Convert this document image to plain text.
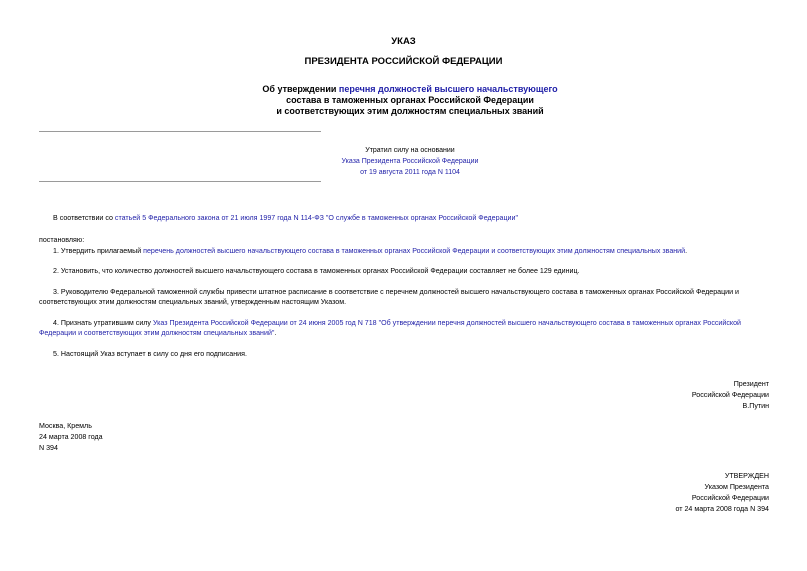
УКАЗ
ПРЕЗИДЕНТА РОССИЙСКОЙ ФЕДЕРАЦИИ
Об утверждении перечня должностей высшего начальствующего
состава в таможенных органах Российской Федерации
и соответствующих этим должностям специальных званий
Утратил силу на основании
Указа Президента Российской Федерации
от 19 августа 2011 года N 1104
В соответствии со статьей 5 Федерального закона от 21 июля 1997 года N 114-ФЗ "О службе в таможенных органах Российской Федерации"
постановляю:
1. Утвердить прилагаемый перечень должностей высшего начальствующего состава в таможенных органах Российской Федерации и соответствующих этим должностям специальных званий.
2. Установить, что количество должностей высшего начальствующего состава в таможенных органах Российской Федерации составляет не более 129 единиц.
3. Руководителю Федеральной таможенной службы привести штатное расписание в соответствие с перечнем должностей высшего начальствующего состава в таможенных органах Российской Федерации и
соответствующих этим должностям специальных званий, утвержденным настоящим Указом.
4. Признать утратившим силу Указ Президента Российской Федерации от 24 июня 2005 год N 718 "Об утверждении перечня должностей высшего начальствующего состава в таможенных органах Российской
Федерации и соответствующих этим должностям специальных званий".
5. Настоящий Указ вступает в силу со дня его подписания.
Президент
Российской Федерации
В.Путин
Москва, Кремль
24 марта 2008 года
N 394
УТВЕРЖДЕН
Указом Президента
Российской Федерации
от 24 марта 2008 года N 394
